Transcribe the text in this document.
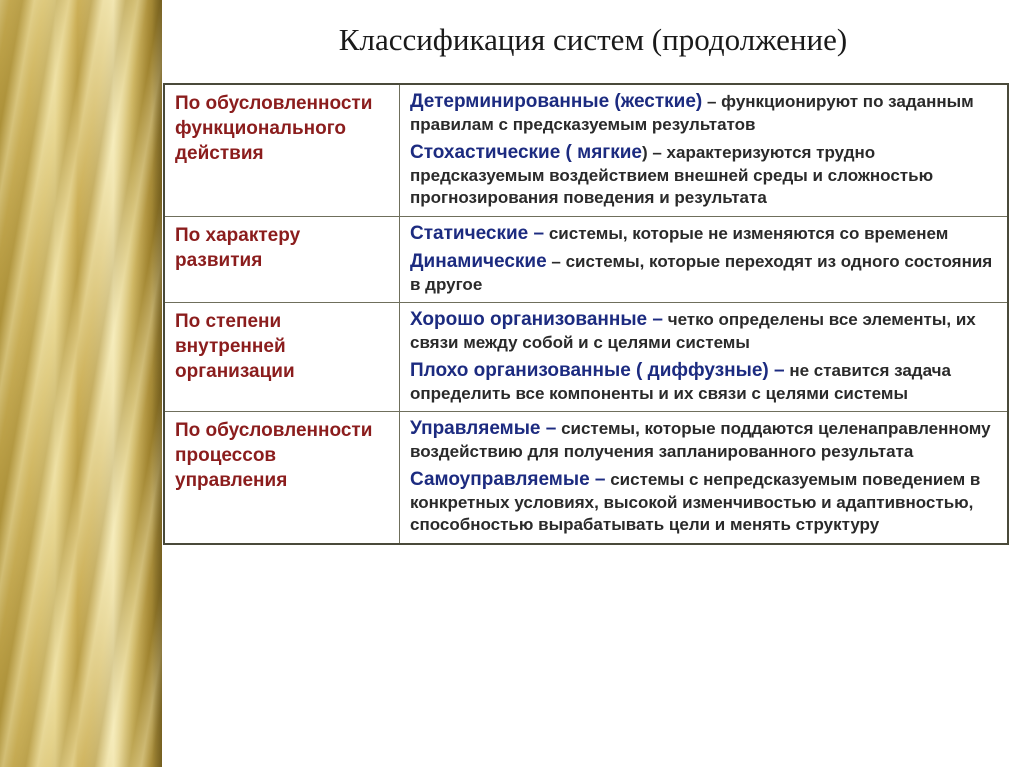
Классификация систем (продолжение)
По обусловленности функционального действия	Детерминированные (жесткие) – функционируют по заданным правилам с предсказуемым результатов
Стохастические ( мягкие) – характеризуются трудно предсказуемым воздействием внешней среды и сложностью прогнозирования поведения и результата

По характеру развития	Статические – системы, которые не изменяются со временем
Динамические – системы, которые переходят из одного состояния в другое

По степени внутренней организации	Хорошо организованные – четко определены все элементы, их связи между собой и с целями системы
Плохо организованные ( диффузные) – не ставится задача определить все компоненты и их связи с целями системы

По обусловленности процессов управления	Управляемые – системы, которые поддаются целенаправленному воздействию для получения запланированного результата
Самоуправляемые – системы с непредсказуемым поведением в конкретных условиях, высокой изменчивостью и адаптивностью, способностью вырабатывать цели и менять структуру
